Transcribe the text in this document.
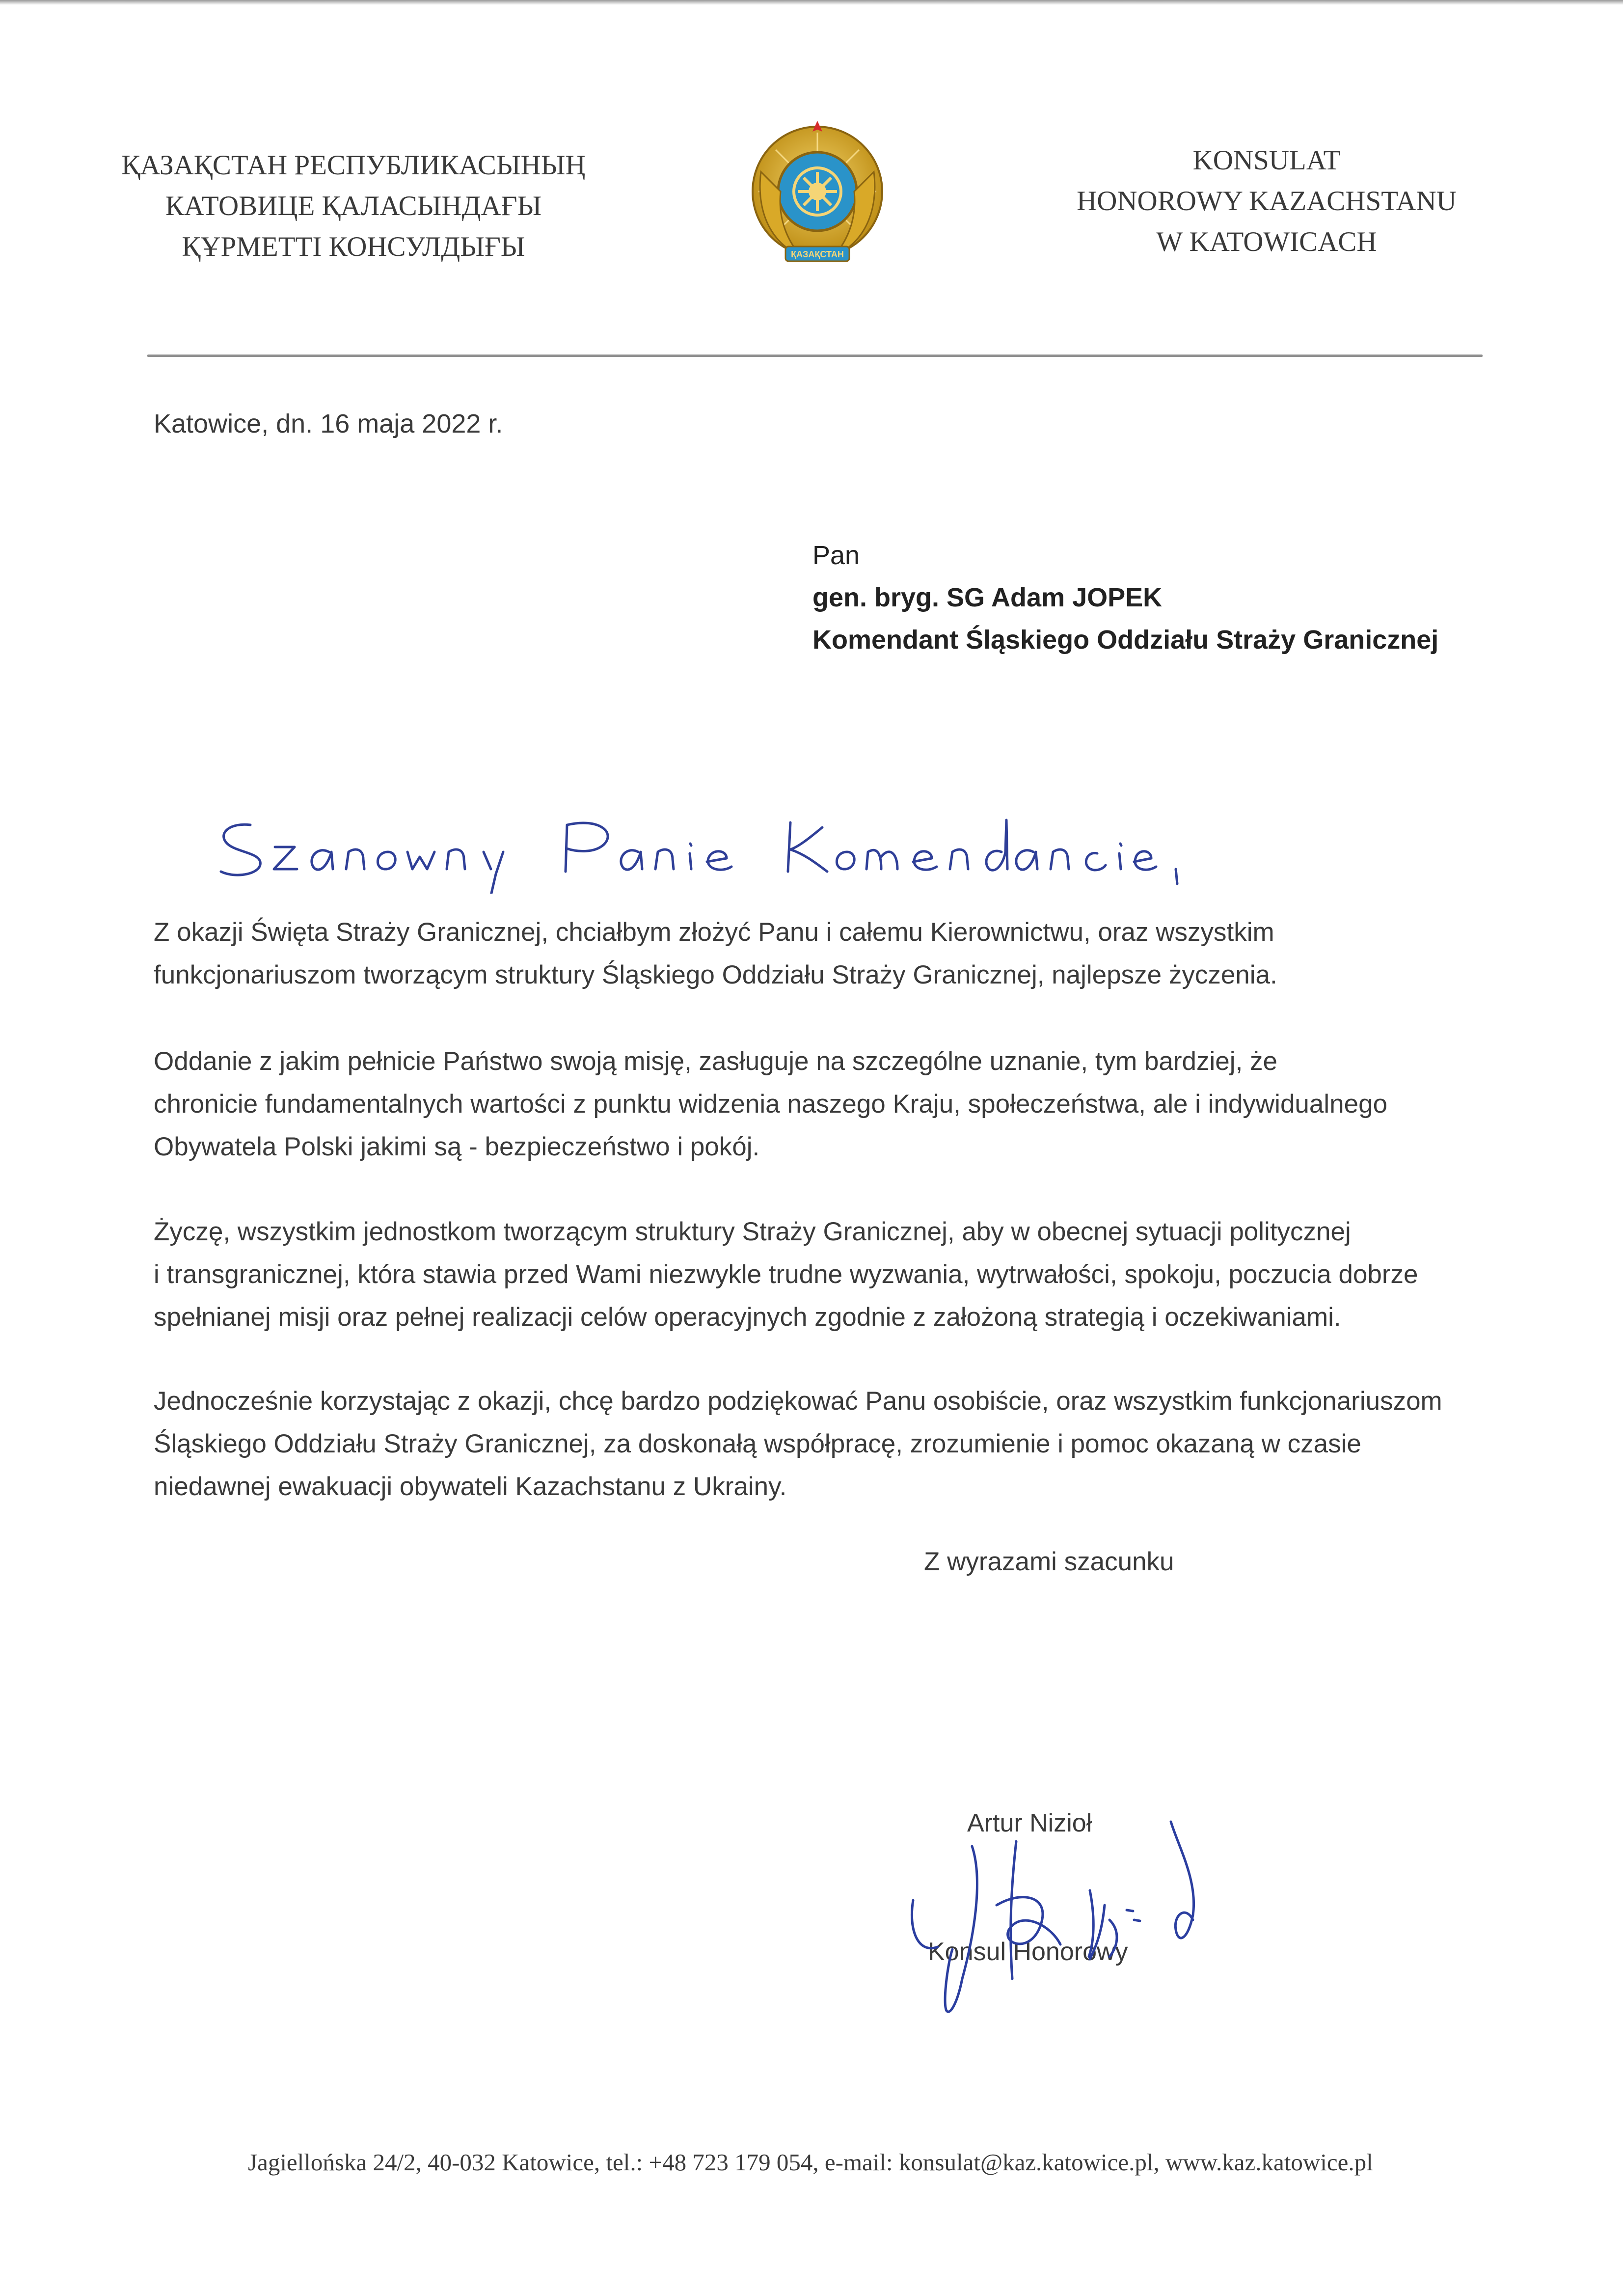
ҚАЗАҚСТАН РЕСПУБЛИКАСЫНЫҢ
КАТОВИЦЕ ҚАЛАСЫНДАҒЫ
ҚҰРМЕТТІ КОНСУЛДЫҒЫ	ҚАЗАҚСТАН
KONSULAT
HONOROWY KAZACHSTANU
W KATOWICACH
Katowice, dn. 16 maja 2022 r.
Pan
gen. bryg. SG Adam JOPEK
Komendant Śląskiego Oddziału Straży Granicznej
Szanowny Panie Komendancie,
Z okazji Święta Straży Granicznej, chciałbym złożyć Panu i całemu Kierownictwu, oraz wszystkim
funkcjonariuszom tworzącym struktury Śląskiego Oddziału Straży Granicznej, najlepsze życzenia.
Oddanie z jakim pełnicie Państwo swoją misję, zasługuje na szczególne uznanie, tym bardziej, że
chronicie fundamentalnych wartości z punktu widzenia naszego Kraju, społeczeństwa, ale i indywidualnego
Obywatela Polski jakimi są - bezpieczeństwo i pokój.
Życzę, wszystkim jednostkom tworzącym struktury Straży Granicznej, aby w obecnej sytuacji politycznej
i transgranicznej, która stawia przed Wami niezwykle trudne wyzwania, wytrwałości, spokoju, poczucia dobrze
spełnianej misji oraz pełnej realizacji celów operacyjnych zgodnie z założoną strategią i oczekiwaniami.
Jednocześnie korzystając z okazji, chcę bardzo podziękować Panu osobiście, oraz wszystkim funkcjonariuszom
Śląskiego Oddziału Straży Granicznej, za doskonałą współpracę, zrozumienie i pomoc okazaną w czasie
niedawnej ewakuacji obywateli Kazachstanu z Ukrainy.
Z wyrazami szacunku
Artur Nizioł
Konsul Honorowy
Jagiellońska 24/2, 40-032 Katowice, tel.: +48 723 179 054, e-mail: konsulat@kaz.katowice.pl, www.kaz.katowice.pl
